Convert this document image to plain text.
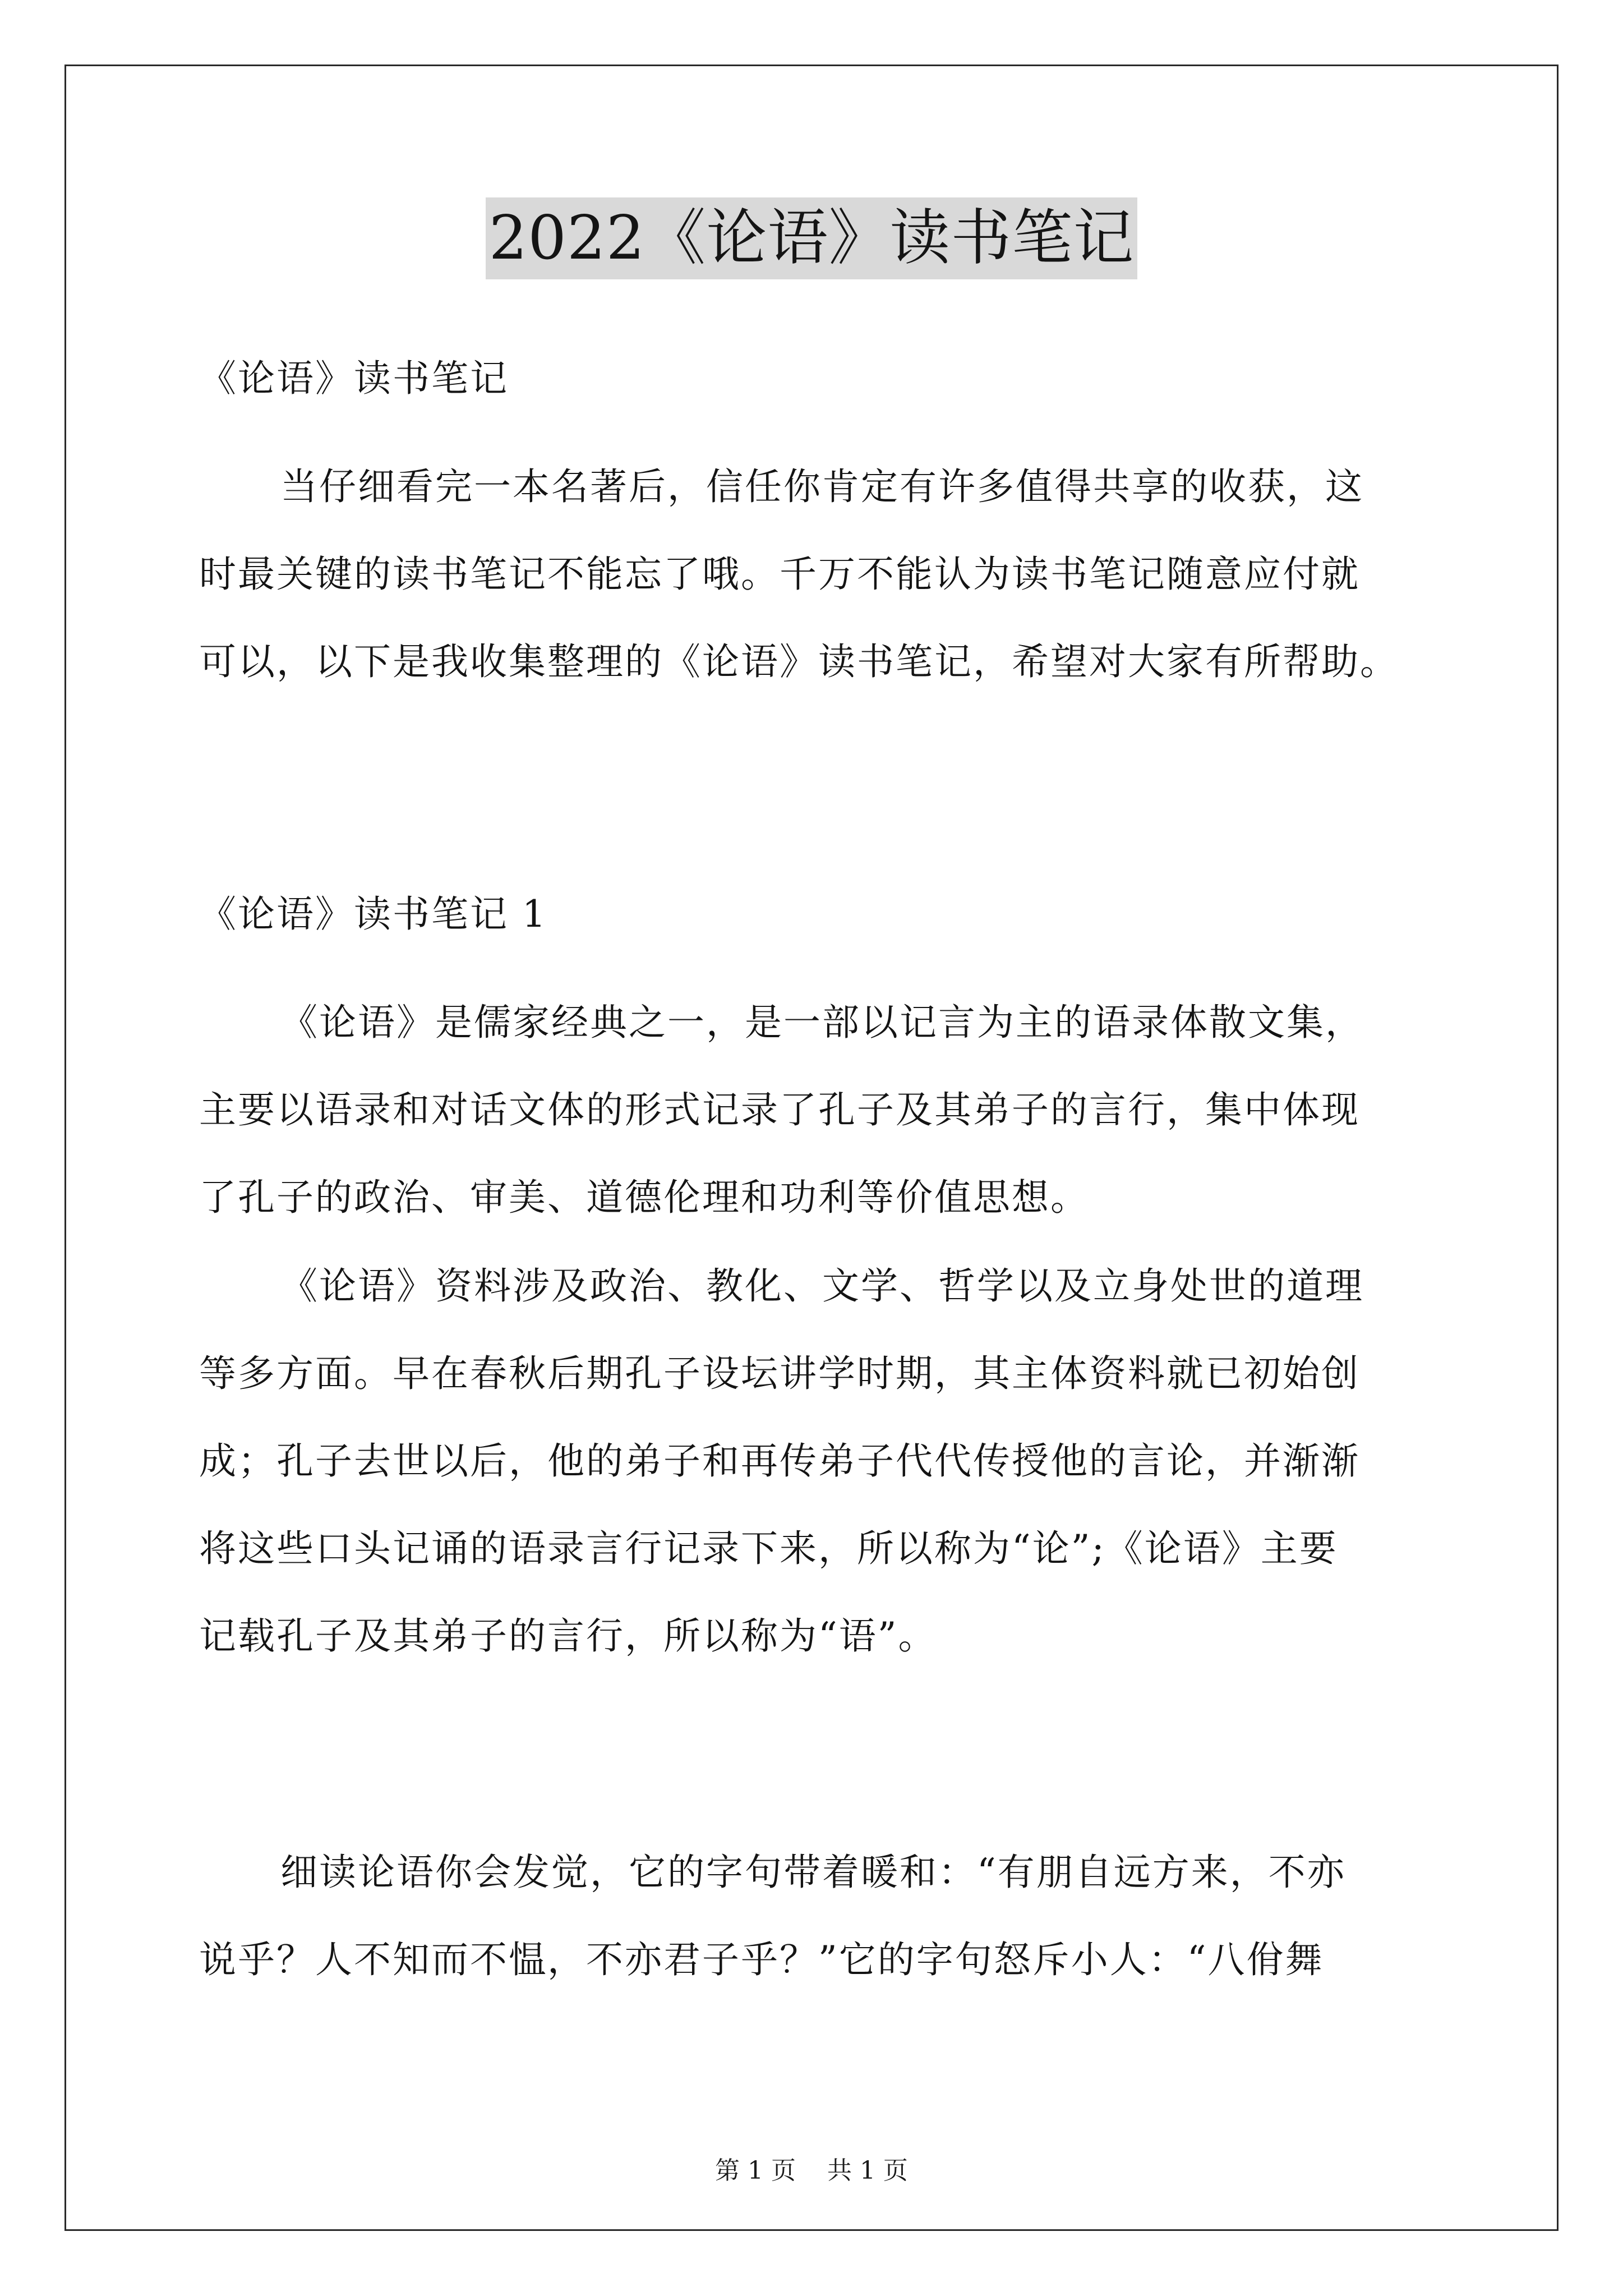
2022《论语》读书笔记
《论语》读书笔记
当仔细看完一本名著后，信任你肯定有许多值得共享的收获，这
时最关键的读书笔记不能忘了哦。千万不能认为读书笔记随意应付就
可以，以下是我收集整理的《论语》读书笔记，希望对大家有所帮助。
《论语》读书笔记 1
《论语》是儒家经典之一，是一部以记言为主的语录体散文集，
主要以语录和对话文体的形式记录了孔子及其弟子的言行，集中体现
了孔子的政治、审美、道德伦理和功利等价值思想。
《论语》资料涉及政治、教化、文学、哲学以及立身处世的道理
等多方面。早在春秋后期孔子设坛讲学时期，其主体资料就已初始创
成；孔子去世以后，他的弟子和再传弟子代代传授他的言论，并渐渐
将这些口头记诵的语录言行记录下来，所以称为“论”;《论语》主要
记载孔子及其弟子的言行，所以称为“语”。
细读论语你会发觉，它的字句带着暖和：“有朋自远方来，不亦
说乎？人不知而不愠，不亦君子乎？”它的字句怒斥小人：“八佾舞
第 1 页    共 1 页
